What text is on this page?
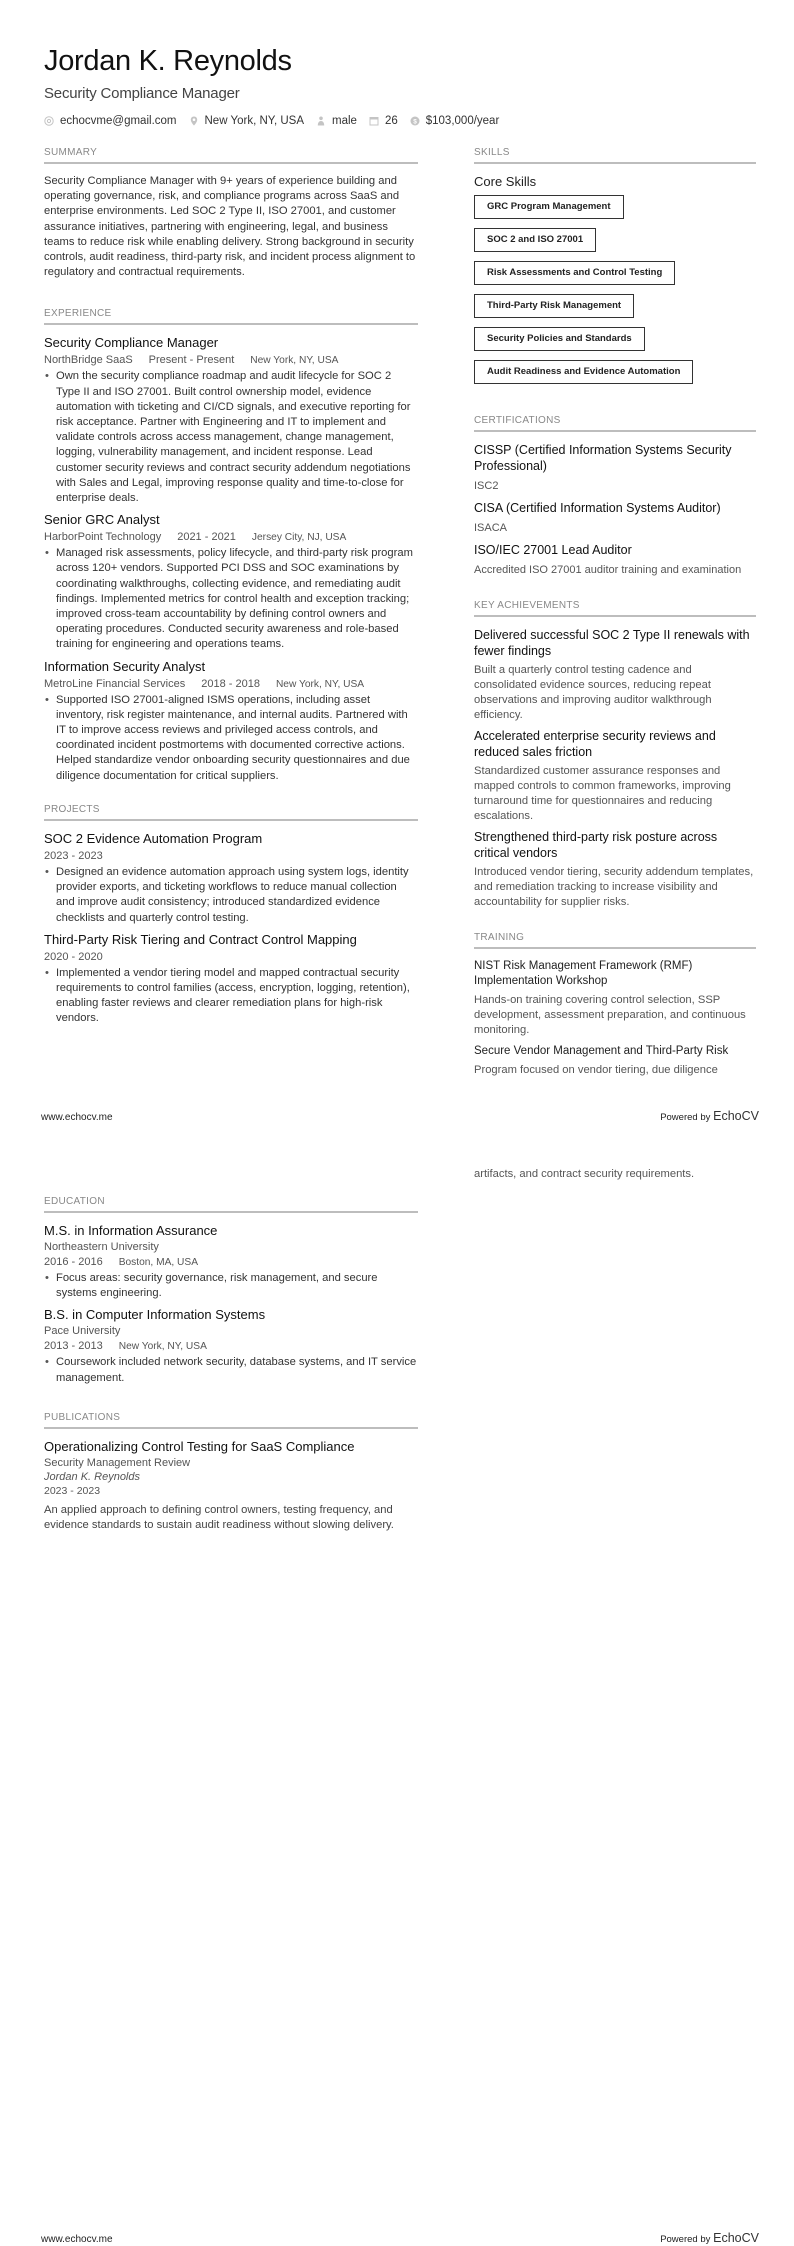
Jordan K. Reynolds
Security Compliance Manager
echocvme@gmail.com New York, NY, USA male 26 $ $103,000/year
SUMMARY
Security Compliance Manager with 9+ years of experience building and operating governance, risk, and compliance programs across SaaS and enterprise environments. Led SOC 2 Type II, ISO 27001, and customer assurance initiatives, partnering with engineering, legal, and business teams to reduce risk while enabling delivery. Strong background in security controls, audit readiness, third-party risk, and incident process alignment to regulatory and contractual requirements.
EXPERIENCE
Security Compliance Manager
NorthBridge SaaS Present - Present New York, NY, USA
• Own the security compliance roadmap and audit lifecycle for SOC 2 Type II and ISO 27001. Built control ownership model, evidence automation with ticketing and CI/CD signals, and executive reporting for risk acceptance. Partner with Engineering and IT to implement and validate controls across access management, change management, logging, vulnerability management, and incident response. Lead customer security reviews and contract security addendum negotiations with Sales and Legal, improving response quality and time-to-close for enterprise deals.
Senior GRC Analyst
HarborPoint Technology 2021 - 2021 Jersey City, NJ, USA
• Managed risk assessments, policy lifecycle, and third-party risk program across 120+ vendors. Supported PCI DSS and SOC examinations by coordinating walkthroughs, collecting evidence, and remediating audit findings. Implemented metrics for control health and exception tracking; improved cross-team accountability by defining control owners and operating procedures. Conducted security awareness and role-based training for engineering and operations teams.
Information Security Analyst
MetroLine Financial Services 2018 - 2018 New York, NY, USA
• Supported ISO 27001-aligned ISMS operations, including asset inventory, risk register maintenance, and internal audits. Partnered with IT to improve access reviews and privileged access controls, and coordinated incident postmortems with documented corrective actions. Helped standardize vendor onboarding security questionnaires and due diligence documentation for critical suppliers.
PROJECTS
SOC 2 Evidence Automation Program
2023 - 2023
• Designed an evidence automation approach using system logs, identity provider exports, and ticketing workflows to reduce manual collection and improve audit consistency; introduced standardized evidence checklists and quarterly control testing.
Third-Party Risk Tiering and Contract Control Mapping
2020 - 2020
• Implemented a vendor tiering model and mapped contractual security requirements to control families (access, encryption, logging, retention), enabling faster reviews and clearer remediation plans for high-risk vendors.
SKILLS
Core Skills
GRC Program Management
SOC 2 and ISO 27001
Risk Assessments and Control Testing
Third-Party Risk Management
Security Policies and Standards
Audit Readiness and Evidence Automation
CERTIFICATIONS
CISSP (Certified Information Systems Security Professional)
ISC2
CISA (Certified Information Systems Auditor)
ISACA
ISO/IEC 27001 Lead Auditor
Accredited ISO 27001 auditor training and examination
KEY ACHIEVEMENTS
Delivered successful SOC 2 Type II renewals with fewer findings
Built a quarterly control testing cadence and consolidated evidence sources, reducing repeat observations and improving auditor walkthrough efficiency.
Accelerated enterprise security reviews and reduced sales friction
Standardized customer assurance responses and mapped controls to common frameworks, improving turnaround time for questionnaires and reducing escalations.
Strengthened third-party risk posture across critical vendors
Introduced vendor tiering, security addendum templates, and remediation tracking to increase visibility and accountability for supplier risks.
TRAINING
NIST Risk Management Framework (RMF) Implementation Workshop
Hands-on training covering control selection, SSP development, assessment preparation, and continuous monitoring.
Secure Vendor Management and Third-Party Risk
Program focused on vendor tiering, due diligence
www.echocv.me	Powered by EchoCV
artifacts, and contract security requirements.
EDUCATION
M.S. in Information Assurance
Northeastern University
2016 - 2016 Boston, MA, USA
• Focus areas: security governance, risk management, and secure systems engineering.
B.S. in Computer Information Systems
Pace University
2013 - 2013 New York, NY, USA
• Coursework included network security, database systems, and IT service management.
PUBLICATIONS
Operationalizing Control Testing for SaaS Compliance
Security Management Review
Jordan K. Reynolds
2023 - 2023
An applied approach to defining control owners, testing frequency, and evidence standards to sustain audit readiness without slowing delivery.
www.echocv.me	Powered by EchoCV
